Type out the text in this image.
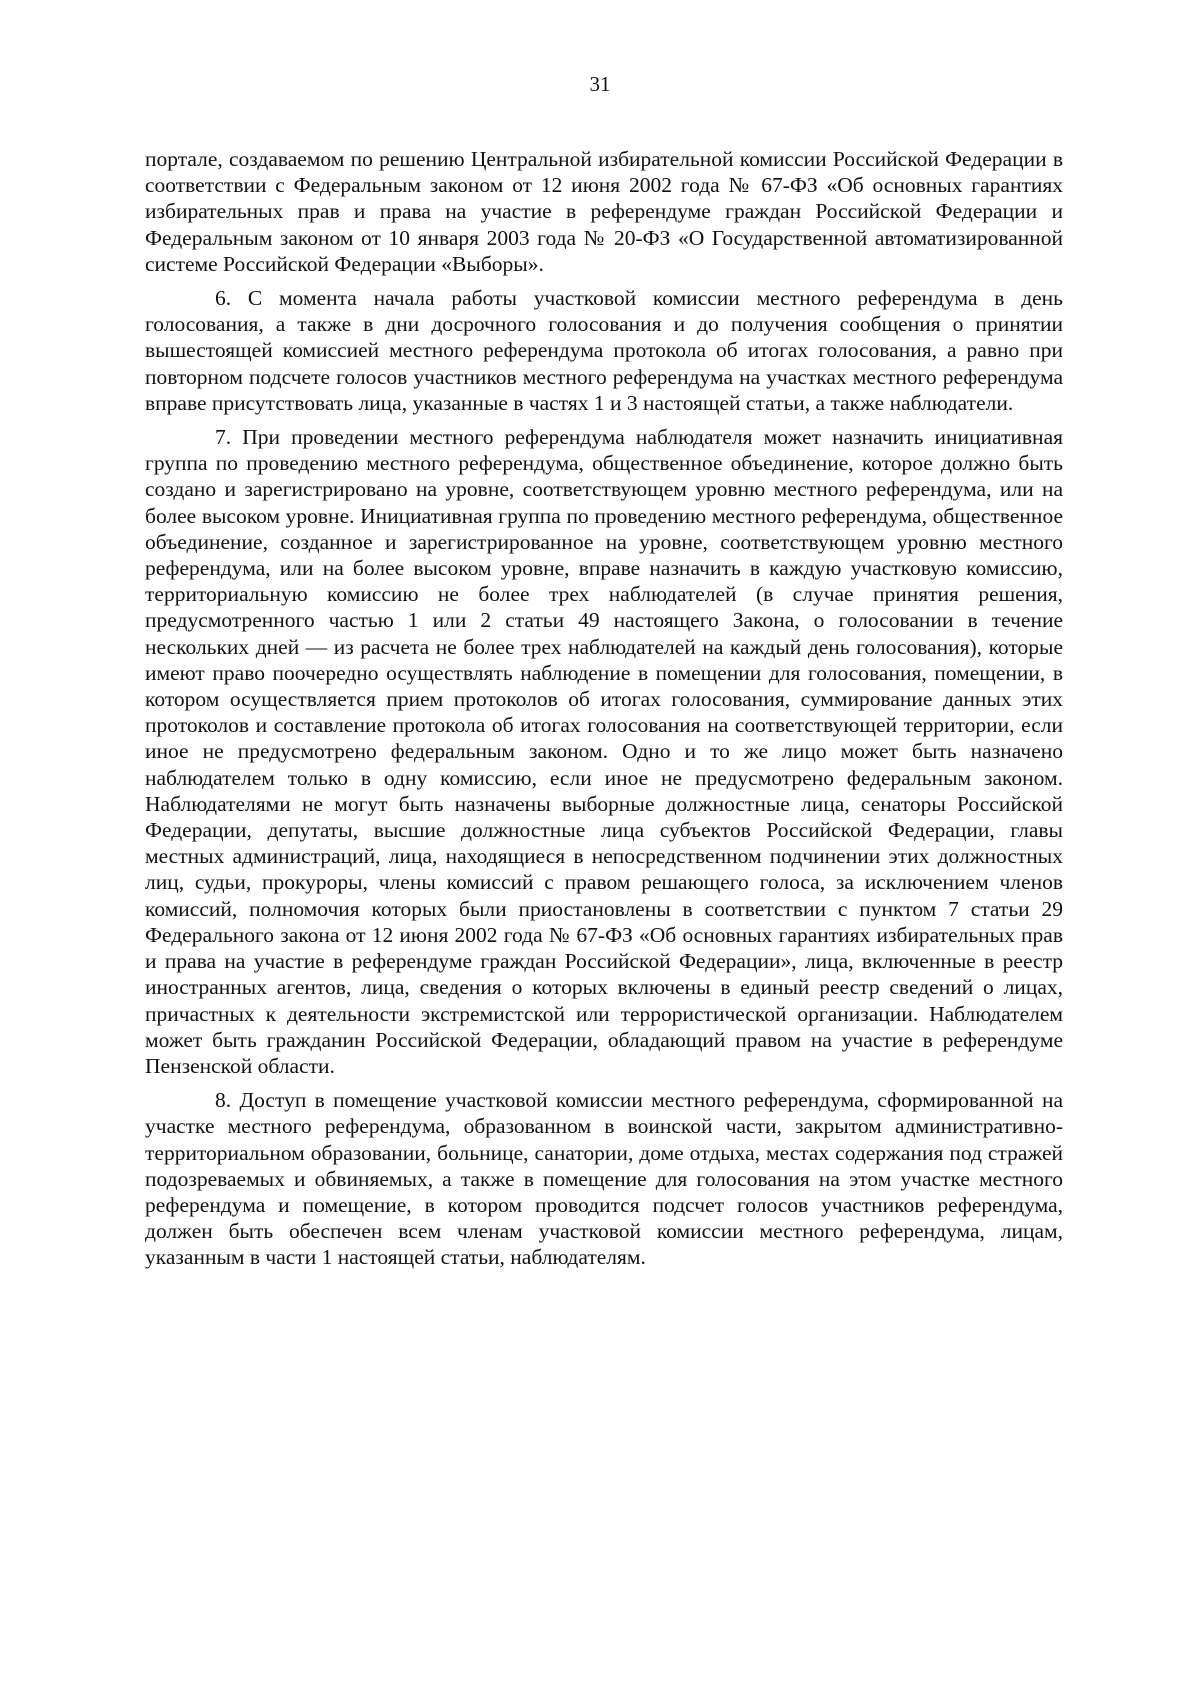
31

порталe, создаваемом по решению Центральной избирательной комиссии Российской Федерации в соответствии с Федеральным законом от 12 июня 2002 года № 67-ФЗ «Об основных гарантиях избирательных прав и права на участие в референдуме граждан Российской Федерации и Федеральным законом от 10 января 2003 года № 20-ФЗ «О Государственной автоматизированной системе Российской Федерации «Выборы».

6. С момента начала работы участковой комиссии местного референдума в день голосования, а также в дни досрочного голосования и до получения сообщения о принятии вышестоящей комиссией местного референдума протокола об итогах голосования, а равно при повторном подсчете голосов участников местного референдума на участках местного референдума вправе присутствовать лица, указанные в частях 1 и 3 настоящей статьи, а также наблюдатели.

7. При проведении местного референдума наблюдателя может назначить инициативная группа по проведению местного референдума, общественное объединение, которое должно быть создано и зарегистрировано на уровне, соответствующем уровню местного референдума, или на более высоком уровне. Инициативная группа по проведению местного референдума, общественное объединение, созданное и зарегистрированное на уровне, соответствующем уровню местного референдума, или на более высоком уровне, вправе назначить в каждую участковую комиссию, территориальную комиссию не более трех наблюдателей (в случае принятия решения, предусмотренного частью 1 или 2 статьи 49 настоящего Закона, о голосовании в течение нескольких дней — из расчета не более трех наблюдателей на каждый день голосования), которые имеют право поочередно осуществлять наблюдение в помещении для голосования, помещении, в котором осуществляется прием протоколов об итогах голосования, суммирование данных этих протоколов и составление протокола об итогах голосования на соответствующей территории, если иное не предусмотрено федеральным законом. Одно и то же лицо может быть назначено наблюдателем только в одну комиссию, если иное не предусмотрено федеральным законом. Наблюдателями не могут быть назначены выборные должностные лица, сенаторы Российской Федерации, депутаты, высшие должностные лица субъектов Российской Федерации, главы местных администраций, лица, находящиеся в непосредственном подчинении этих должностных лиц, судьи, прокуроры, члены комиссий с правом решающего голоса, за исключением членов комиссий, полномочия которых были приостановлены в соответствии с пунктом 7 статьи 29 Федерального закона от 12 июня 2002 года № 67-ФЗ «Об основных гарантиях избирательных прав и права на участие в референдуме граждан Российской Федерации», лица, включенные в реестр иностранных агентов, лица, сведения о которых включены в единый реестр сведений о лицах, причастных к деятельности экстремистской или террористической организации. Наблюдателем может быть гражданин Российской Федерации, обладающий правом на участие в референдуме Пензенской области.

8. Доступ в помещение участковой комиссии местного референдума, сформированной на участке местного референдума, образованном в воинской части, закрытом административно-территориальном образовании, больнице, санатории, доме отдыха, местах содержания под стражей подозреваемых и обвиняемых, а также в помещение для голосования на этом участке местного референдума и помещение, в котором проводится подсчет голосов участников референдума, должен быть обеспечен всем членам участковой комиссии местного референдума, лицам, указанным в части 1 настоящей статьи, наблюдателям.
